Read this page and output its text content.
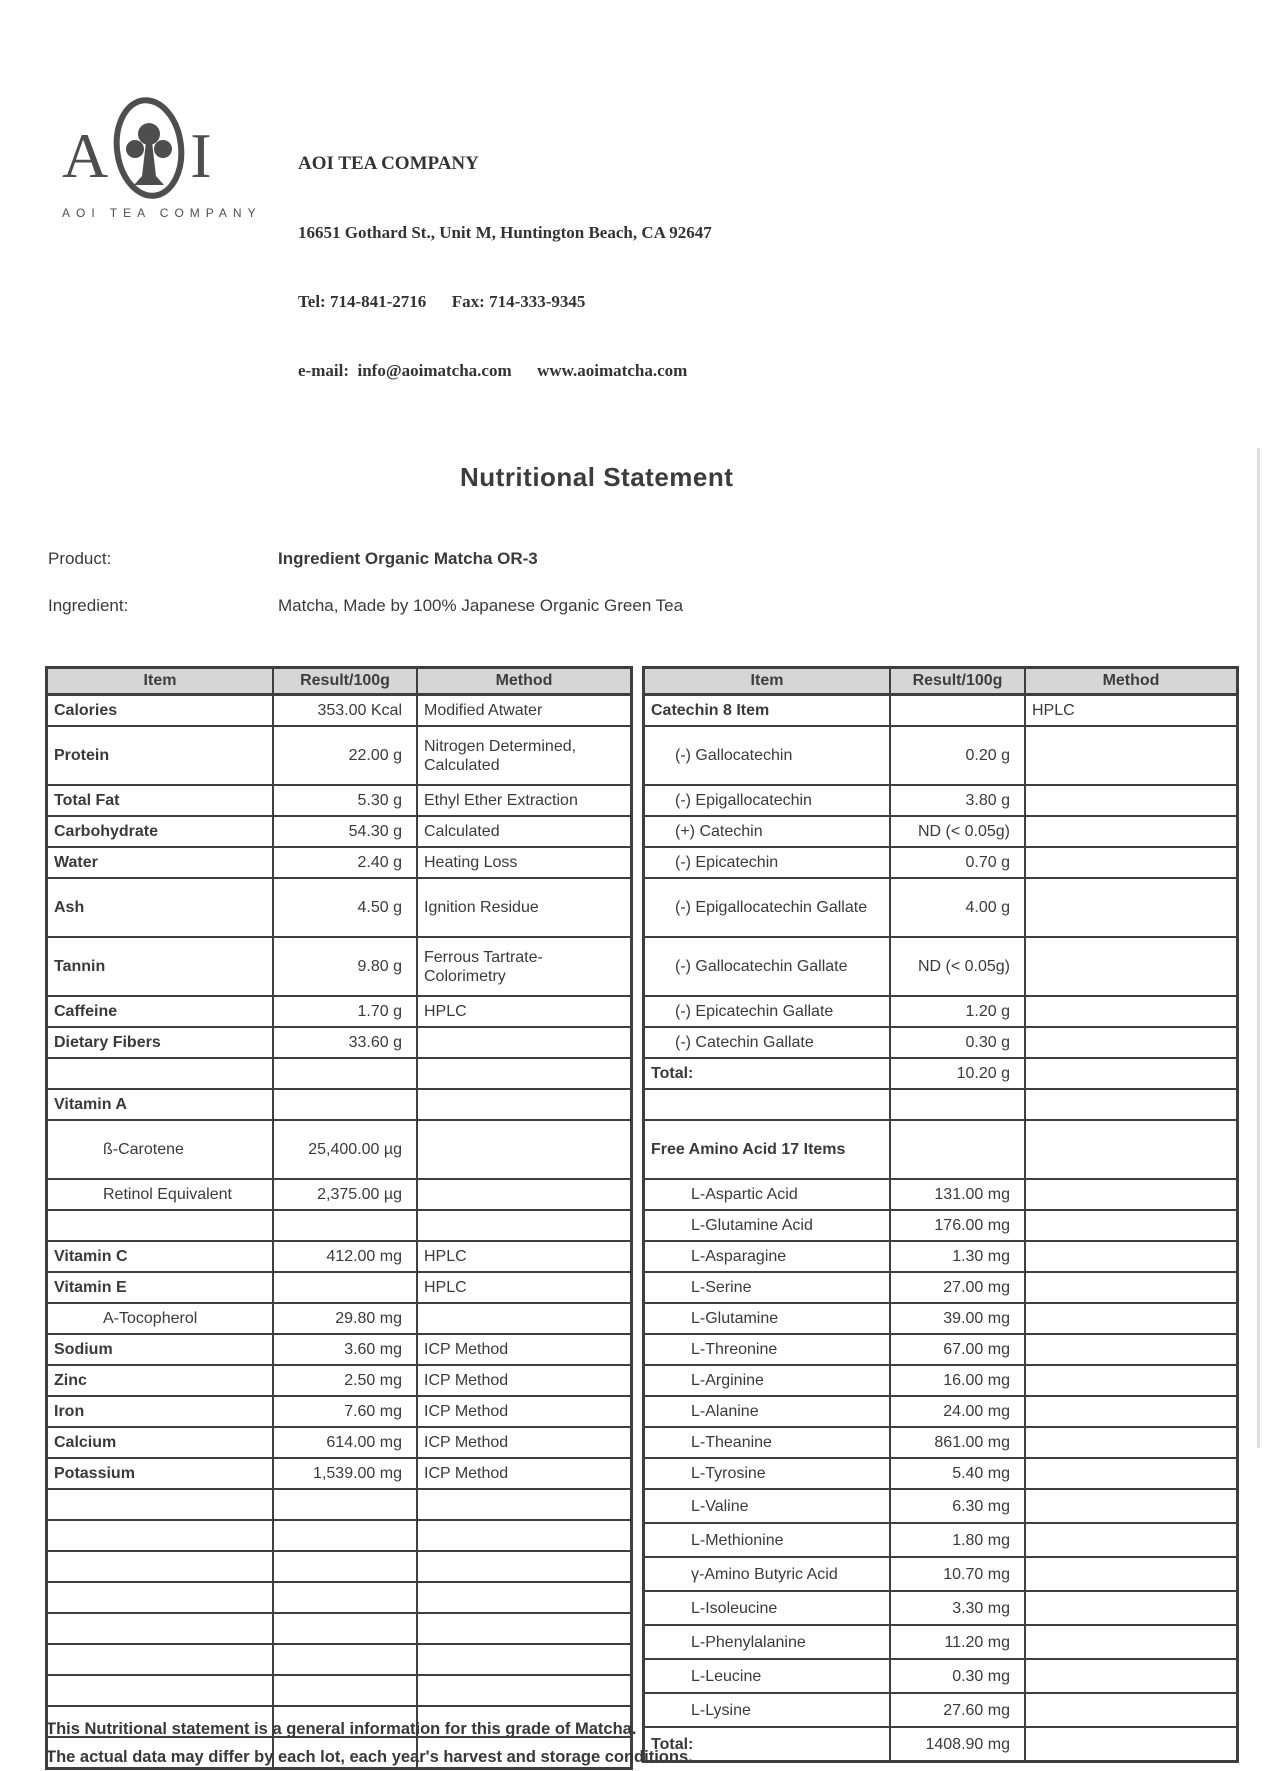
A I
AOI TEA COMPANY

AOI TEA COMPANY

16651 Gothard St., Unit M, Huntington Beach, CA 92647

Tel: 714-841-2716      Fax: 714-333-9345

e-mail:  info@aoimatcha.com      www.aoimatcha.com

Nutritional Statement
Product:	Ingredient Organic Matcha OR-3
Ingredient:	Matcha, Made by 100% Japanese Organic Green Tea
Item	Result/100g	Method
Calories	353.00 Kcal	Modified Atwater
Protein	22.00 g	Nitrogen Determined, Calculated
Total Fat	5.30 g	Ethyl Ether Extraction
Carbohydrate	54.30 g	Calculated
Water	2.40 g	Heating Loss
Ash	4.50 g	Ignition Residue
Tannin	9.80 g	Ferrous Tartrate-Colorimetry
Caffeine	1.70 g	HPLC
Dietary Fibers	33.60 g	

Vitamin A		
ß-Carotene	25,400.00 µg	
Retinol Equivalent	2,375.00 µg	

Vitamin C	412.00 mg	HPLC
Vitamin E		HPLC
A-Tocopherol	29.80 mg	
Sodium	3.60 mg	ICP Method
Zinc	2.50 mg	ICP Method
Iron	7.60 mg	ICP Method
Calcium	614.00 mg	ICP Method
Potassium	1,539.00 mg	ICP Method

Item	Result/100g	Method
Catechin 8 Item		HPLC
(-) Gallocatechin	0.20 g	
(-) Epigallocatechin	3.80 g	
(+) Catechin	ND (< 0.05g)	
(-) Epicatechin	0.70 g	
(-) Epigallocatechin Gallate	4.00 g	
(-) Gallocatechin Gallate	ND (< 0.05g)	
(-) Epicatechin Gallate	1.20 g	
(-) Catechin Gallate	0.30 g	
Total:	10.20 g	

Free Amino Acid 17 Items		
L-Aspartic Acid	131.00 mg	
L-Glutamine Acid	176.00 mg	
L-Asparagine	1.30 mg	
L-Serine	27.00 mg	
L-Glutamine	39.00 mg	
L-Threonine	67.00 mg	
L-Arginine	16.00 mg	
L-Alanine	24.00 mg	
L-Theanine	861.00 mg	
L-Tyrosine	5.40 mg	
L-Valine	6.30 mg	
L-Methionine	1.80 mg	
γ-Amino Butyric Acid	10.70 mg	
L-Isoleucine	3.30 mg	
L-Phenylalanine	11.20 mg	
L-Leucine	0.30 mg	
L-Lysine	27.60 mg	
Total:	1408.90 mg	
This Nutritional statement is a general information for this grade of Matcha.
The actual data may differ by each lot, each year's harvest and storage conditions.
